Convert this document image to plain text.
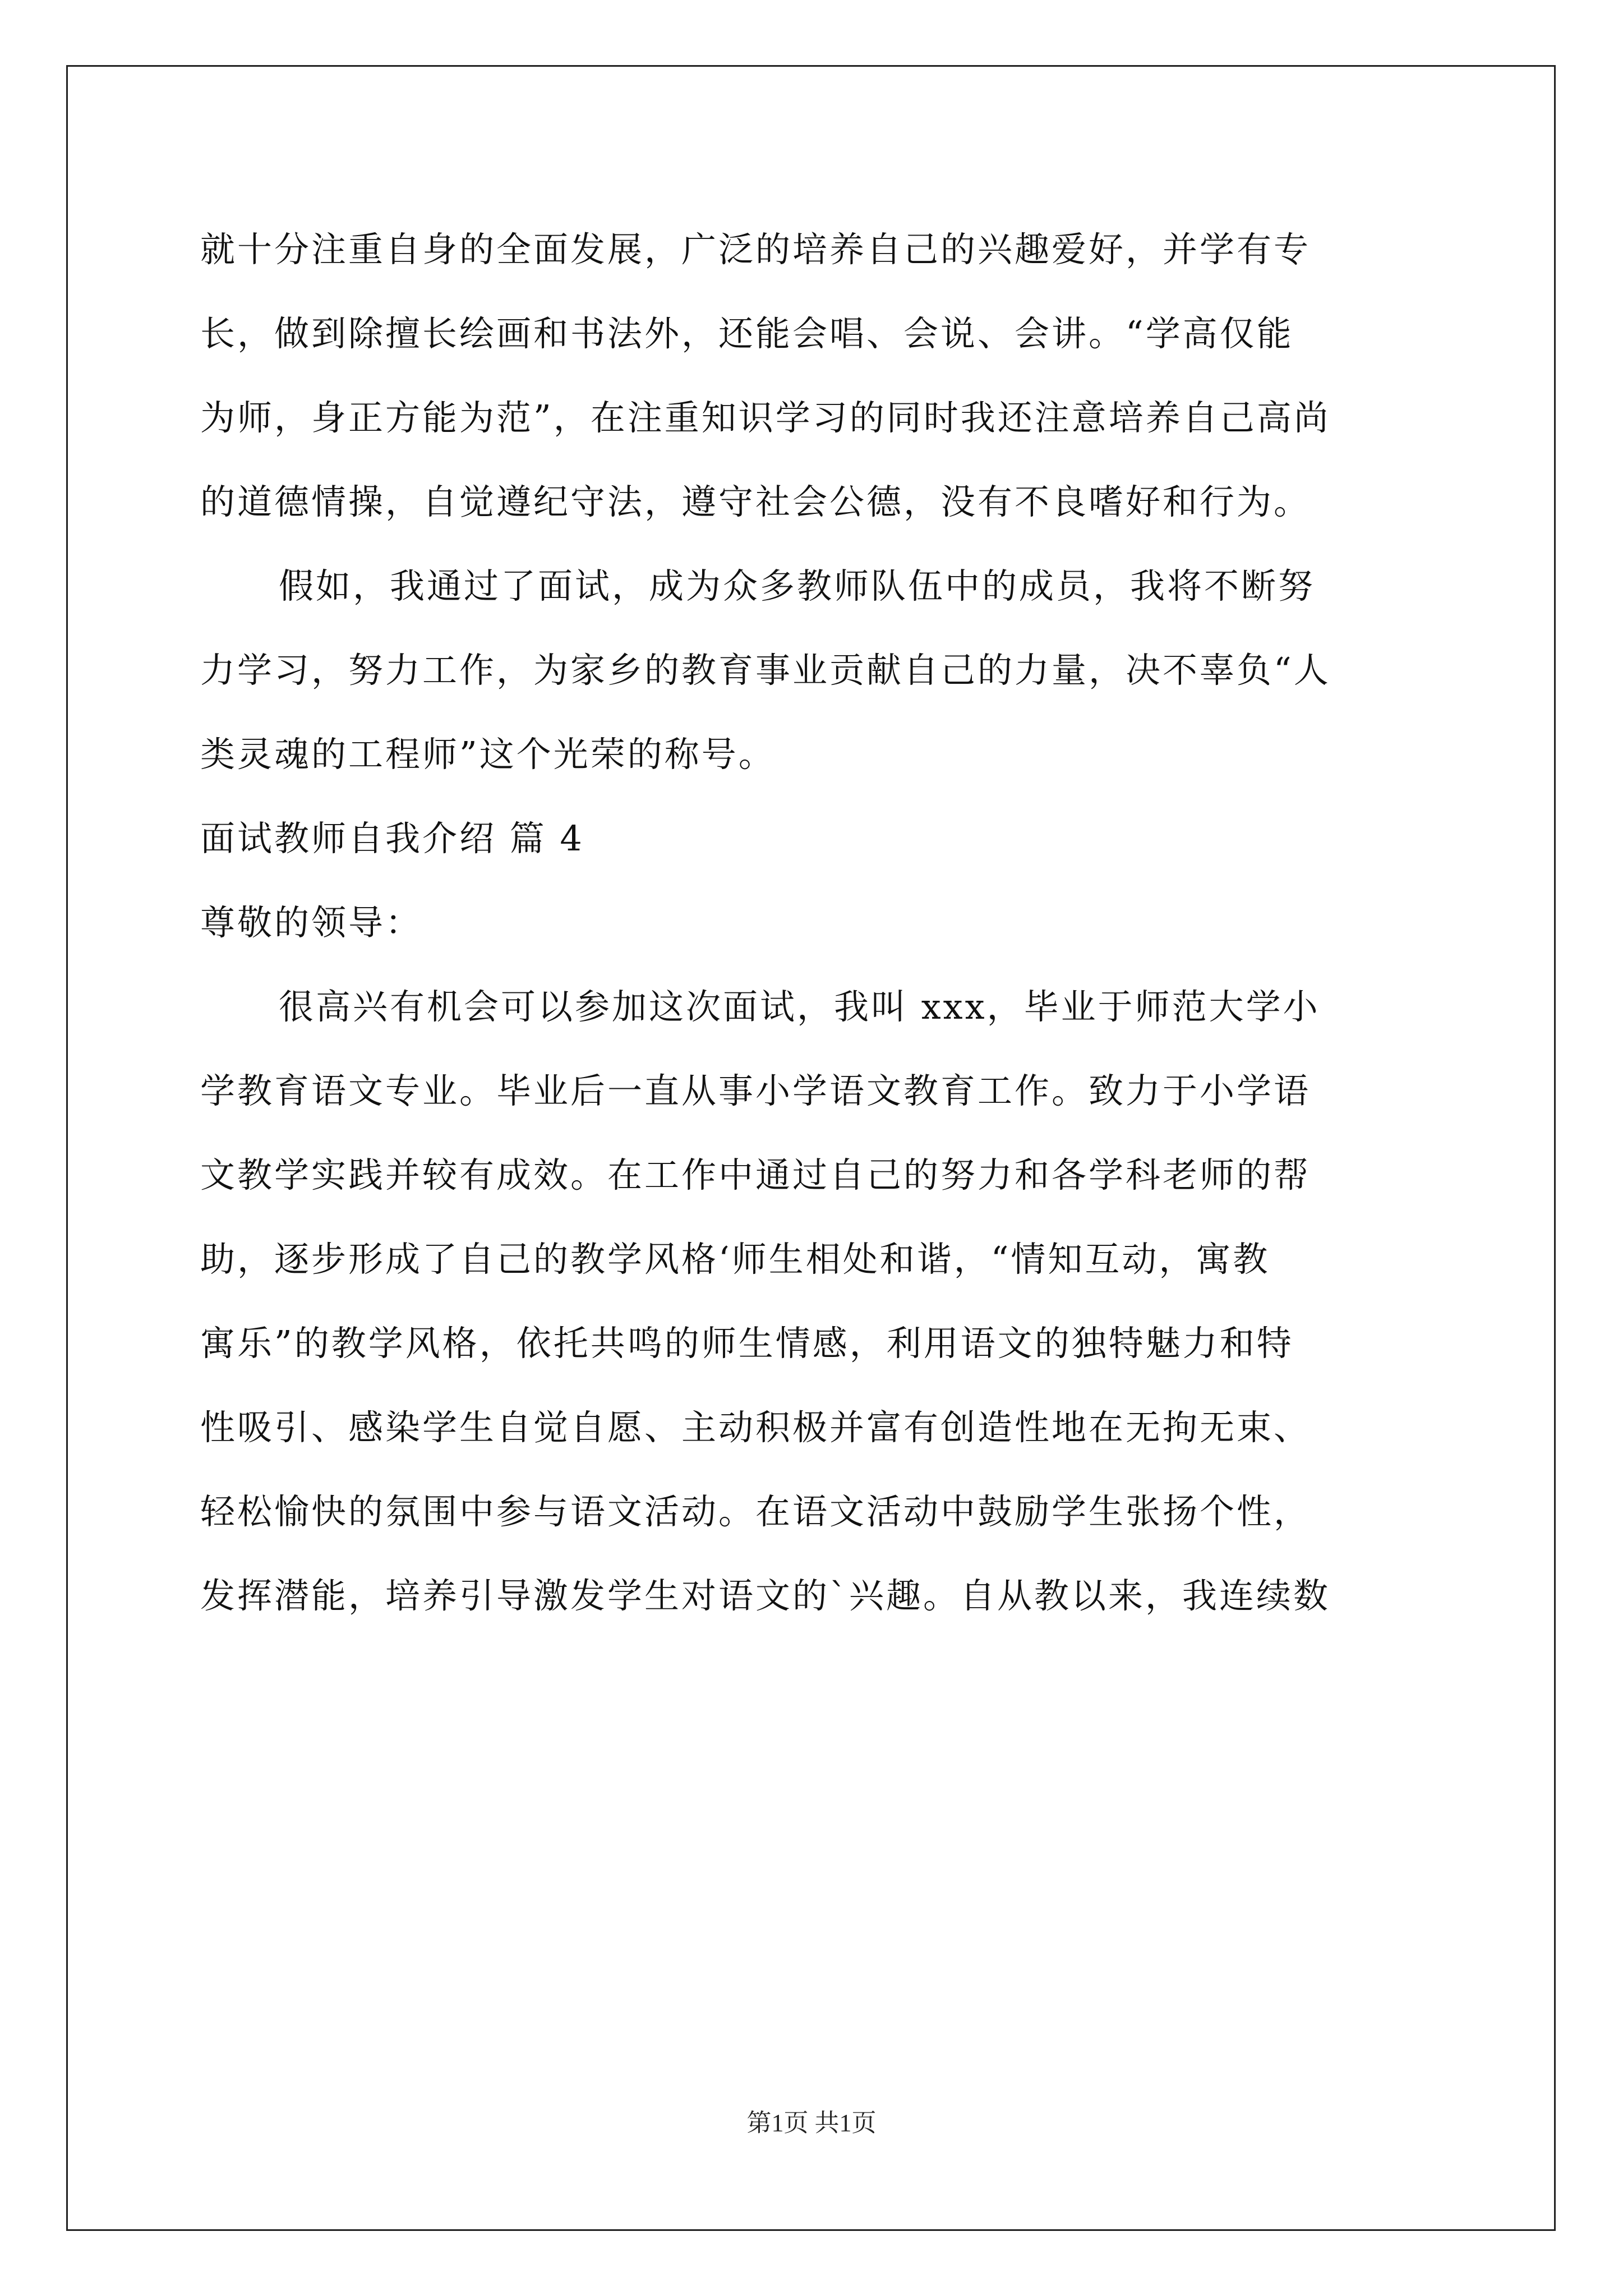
就十分注重自身的全面发展，广泛的培养自己的兴趣爱好，并学有专

长，做到除擅长绘画和书法外，还能会唱、会说、会讲。“学高仅能

为师，身正方能为范”，在注重知识学习的同时我还注意培养自己高尚

的道德情操，自觉遵纪守法，遵守社会公德，没有不良嗜好和行为。

假如，我通过了面试，成为众多教师队伍中的成员，我将不断努

力学习，努力工作，为家乡的教育事业贡献自己的力量，决不辜负“人

类灵魂的工程师”这个光荣的称号。

面试教师自我介绍 篇 4

尊敬的领导：

很高兴有机会可以参加这次面试，我叫 xxx，毕业于师范大学小

学教育语文专业。毕业后一直从事小学语文教育工作。致力于小学语

文教学实践并较有成效。在工作中通过自己的努力和各学科老师的帮

助，逐步形成了自己的教学风格‘师生相处和谐，“情知互动，寓教

寓乐”的教学风格，依托共鸣的师生情感，利用语文的独特魅力和特

性吸引、感染学生自觉自愿、主动积极并富有创造性地在无拘无束、

轻松愉快的氛围中参与语文活动。在语文活动中鼓励学生张扬个性，

发挥潜能，培养引导激发学生对语文的`兴趣。自从教以来，我连续数

第1页 共1页
